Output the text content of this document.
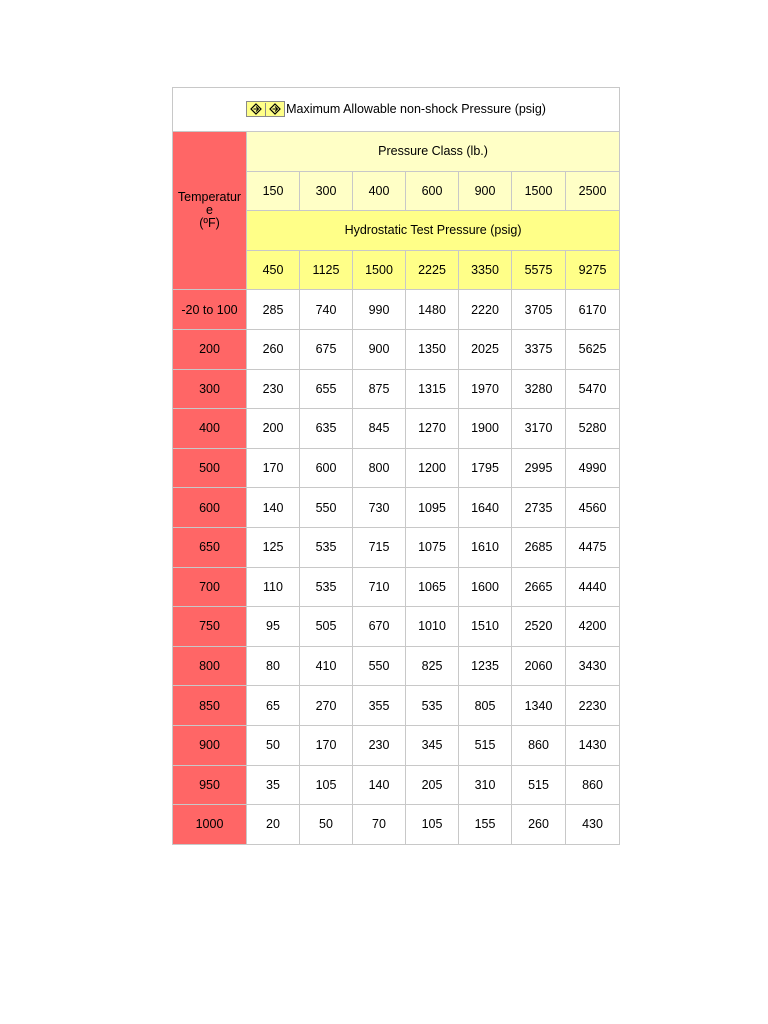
Maximum Allowable non-shock Pressure (psig)							

Temperature
(ºF)	Pressure Class (lb.)						
	150	300	400	600	900	1500	2500
	Hydrostatic Test Pressure (psig)						
	450	1125	1500	2225	3350	5575	9275
-20 to 100	285	740	990	1480	2220	3705	6170
200	260	675	900	1350	2025	3375	5625
300	230	655	875	1315	1970	3280	5470
400	200	635	845	1270	1900	3170	5280
500	170	600	800	1200	1795	2995	4990
600	140	550	730	1095	1640	2735	4560
650	125	535	715	1075	1610	2685	4475
700	110	535	710	1065	1600	2665	4440
750	95	505	670	1010	1510	2520	4200
800	80	410	550	825	1235	2060	3430
850	65	270	355	535	805	1340	2230
900	50	170	230	345	515	860	1430
950	35	105	140	205	310	515	860
1000	20	50	70	105	155	260	430
